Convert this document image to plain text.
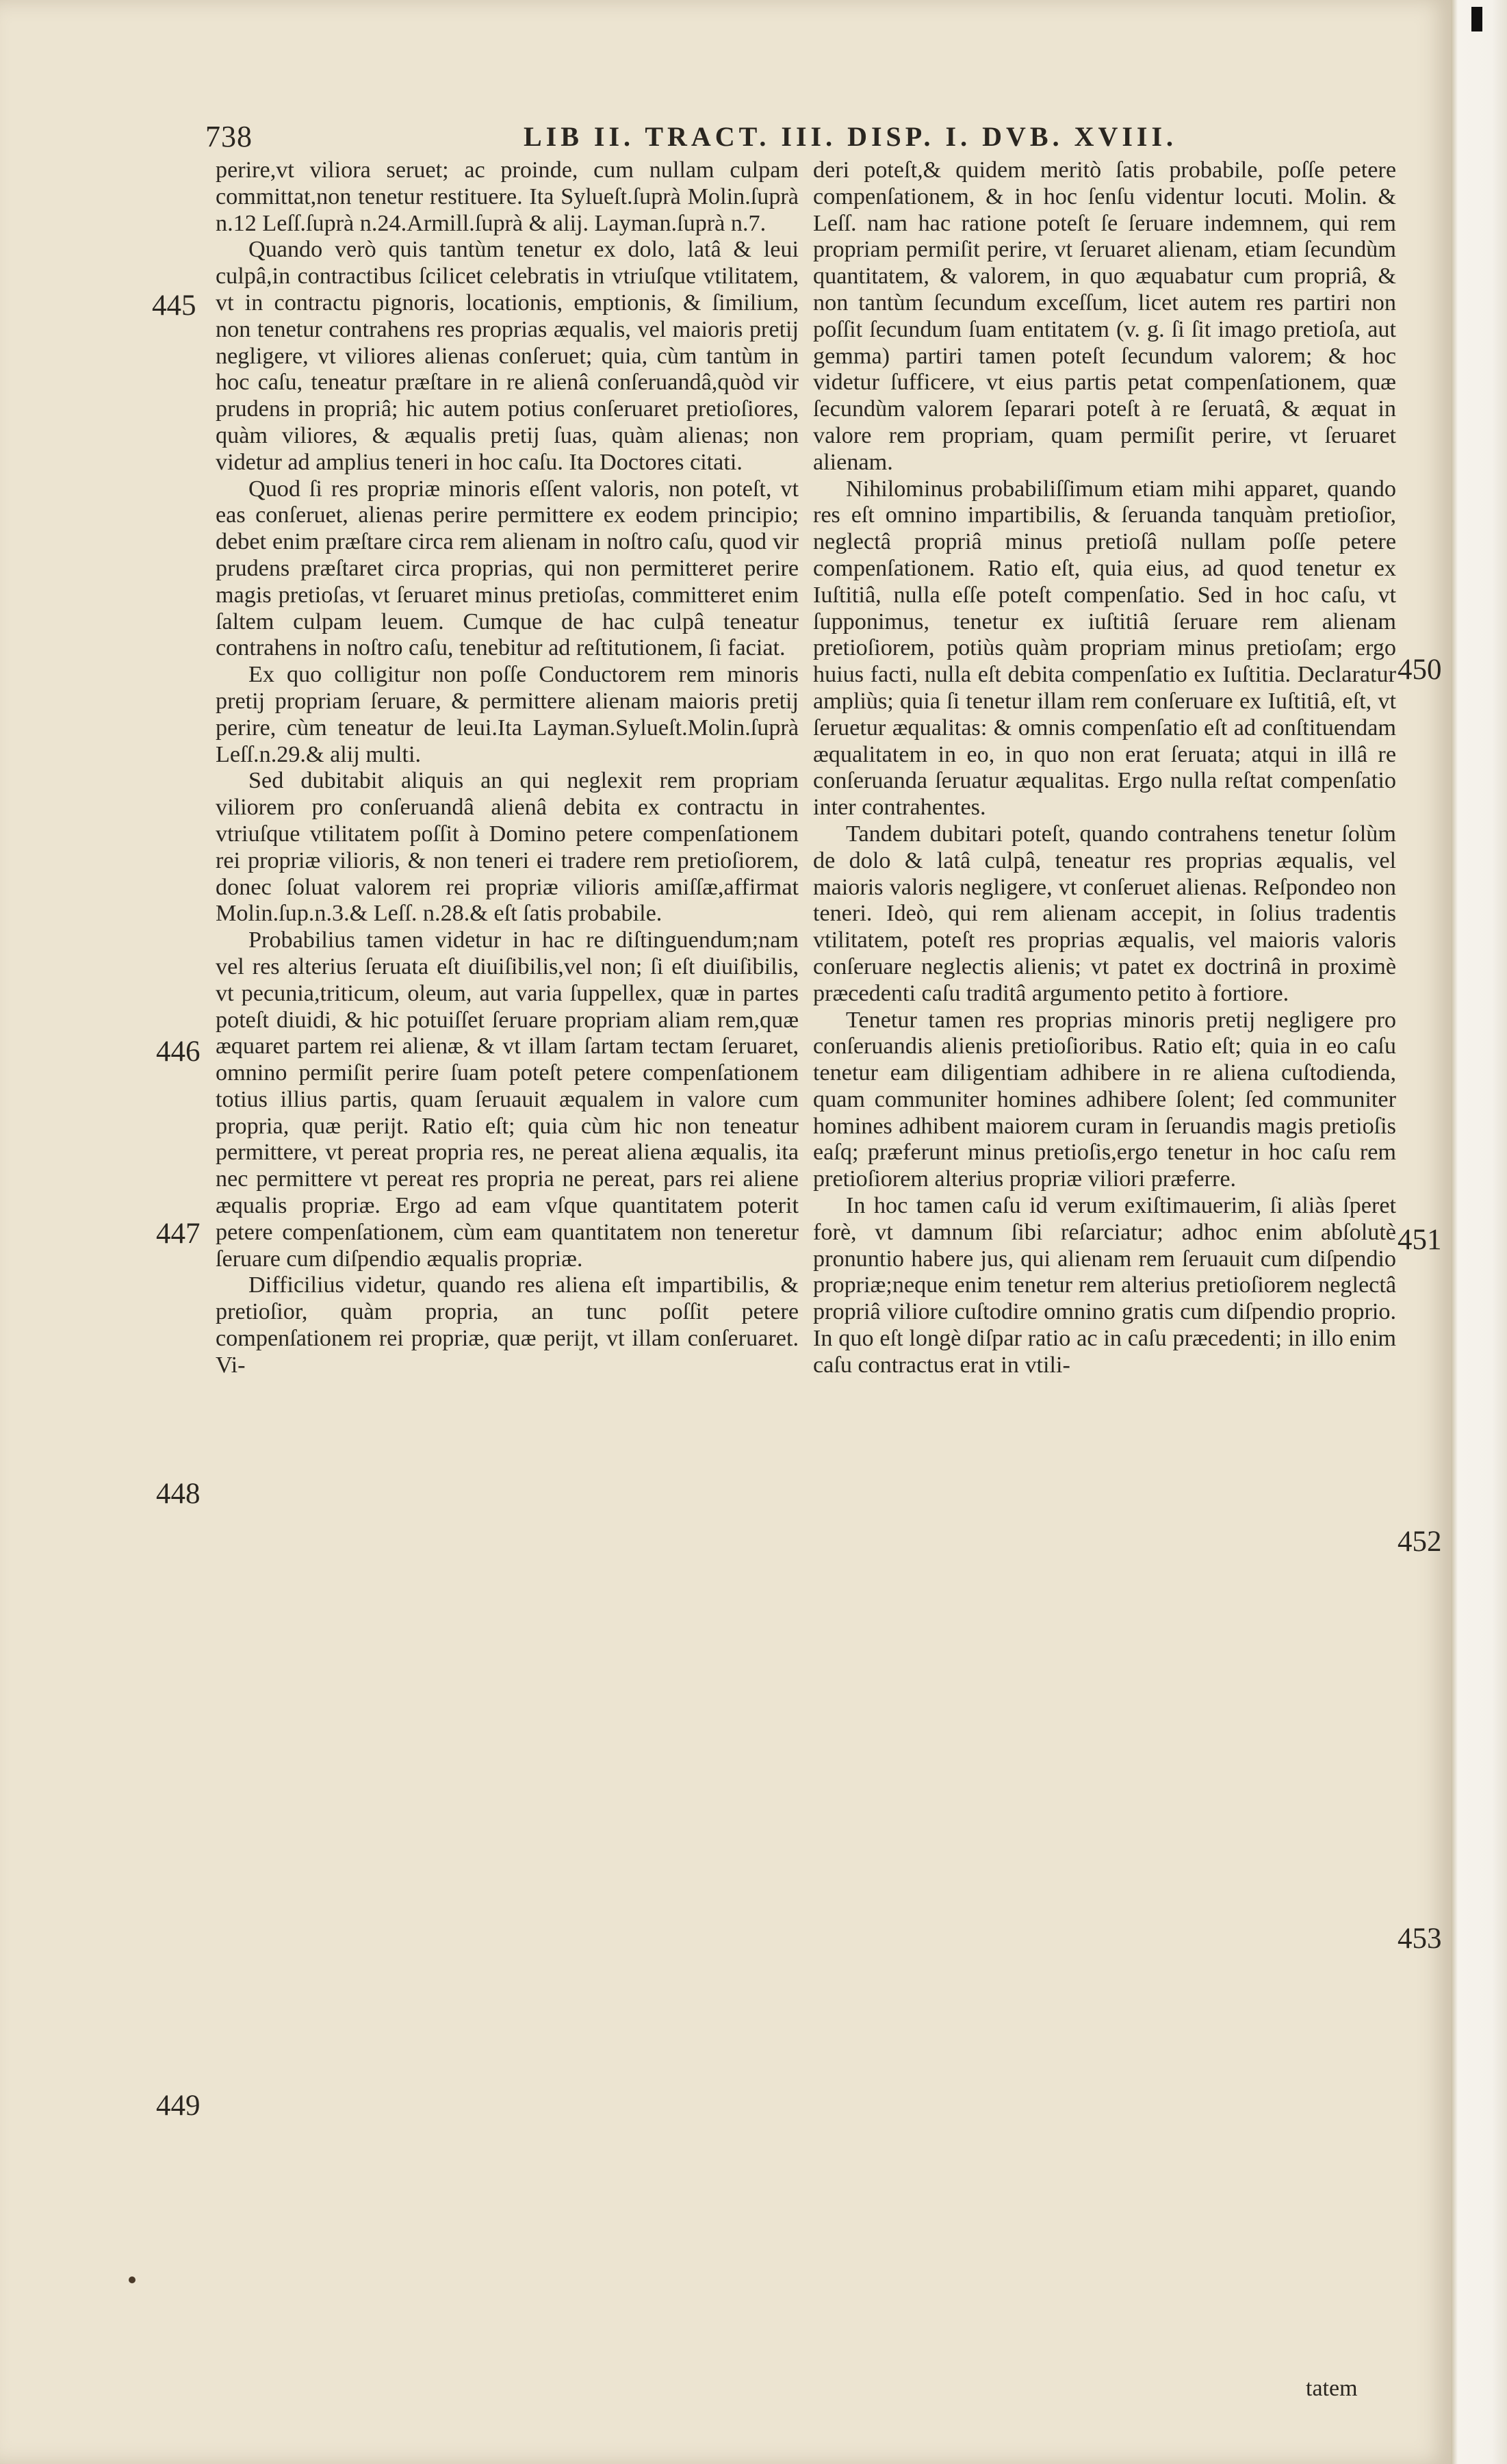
738	LIB II. TRACT. III. DISP. I. DVB. XVIII.
445
446
447
448
449
450
451
452
453

perire,vt viliora seruet; ac proinde, cum nullam culpam committat,non tenetur restituere. Ita Sylueſt.ſuprà Molin.ſuprà n.12 Leſſ.ſuprà n.24.Armill.ſuprà & alij. Layman.ſuprà n.7.

Quando verò quis tantùm tenetur ex dolo, latâ & leui culpâ,in contractibus ſcilicet celebratis in vtriuſque vtilitatem, vt in contractu pignoris, locationis, emptionis, & ſimilium, non tenetur contrahens res proprias æqualis, vel maioris pretij negligere, vt viliores alienas conſeruet; quia, cùm tantùm in hoc caſu, teneatur præſtare in re alienâ conſeruandâ,quòd vir prudens in propriâ; hic autem potius conſeruaret pretioſiores, quàm viliores, & æqualis pretij ſuas, quàm alienas; non videtur ad amplius teneri in hoc caſu. Ita Doctores citati.

Quod ſi res propriæ minoris eſſent valoris, non poteſt, vt eas conſeruet, alienas perire permittere ex eodem principio; debet enim præſtare circa rem alienam in noſtro caſu, quod vir prudens præſtaret circa proprias, qui non permitteret perire magis pretioſas, vt ſeruaret minus pretioſas, committeret enim ſaltem culpam leuem. Cumque de hac culpâ teneatur contrahens in noſtro caſu, tenebitur ad reſtitutionem, ſi faciat.

Ex quo colligitur non poſſe Conductorem rem minoris pretij propriam ſeruare, & permittere alienam maioris pretij perire, cùm teneatur de leui.Ita Layman.Sylueſt.Molin.ſuprà Leſſ.n.29.& alij multi.

Sed dubitabit aliquis an qui neglexit rem propriam viliorem pro conſeruandâ alienâ debita ex contractu in vtriuſque vtilitatem poſſit à Domino petere compenſationem rei propriæ vilioris, & non teneri ei tradere rem pretioſiorem, donec ſoluat valorem rei propriæ vilioris amiſſæ,affirmat Molin.ſup.n.3.& Leſſ. n.28.& eſt ſatis probabile.

Probabilius tamen videtur in hac re diſtinguendum;nam vel res alterius ſeruata eſt diuiſibilis,vel non; ſi eſt diuiſibilis, vt pecunia,triticum, oleum, aut varia ſuppellex, quæ in partes poteſt diuidi, & hic potuiſſet ſeruare propriam aliam rem,quæ æquaret partem rei alienæ, & vt illam ſartam tectam ſeruaret, omnino permiſit perire ſuam poteſt petere compenſationem totius illius partis, quam ſeruauit æqualem in valore cum propria, quæ perijt. Ratio eſt; quia cùm hic non teneatur permittere, vt pereat propria res, ne pereat aliena æqualis, ita nec permittere vt pereat res propria ne pereat, pars rei aliene æqualis propriæ. Ergo ad eam vſque quantitatem poterit petere compenſationem, cùm eam quantitatem non teneretur ſeruare cum diſpendio æqualis propriæ.

Difficilius videtur, quando res aliena eſt impartibilis, & pretioſior, quàm propria, an tunc poſſit petere compenſationem rei propriæ, quæ perijt, vt illam conſeruaret. Vi-

deri poteſt,& quidem meritò ſatis probabile, poſſe petere compenſationem, & in hoc ſenſu videntur locuti. Molin. & Leſſ. nam hac ratione poteſt ſe ſeruare indemnem, qui rem propriam permiſit perire, vt ſeruaret alienam, etiam ſecundùm quantitatem, & valorem, in quo æquabatur cum propriâ, & non tantùm ſecundum exceſſum, licet autem res partiri non poſſit ſecundum ſuam entitatem (v. g. ſi ſit imago pretioſa, aut gemma) partiri tamen poteſt ſecundum valorem; & hoc videtur ſufficere, vt eius partis petat compenſationem, quæ ſecundùm valorem ſeparari poteſt à re ſeruatâ, & æquat in valore rem propriam, quam permiſit perire, vt ſeruaret alienam.

Nihilominus probabiliſſimum etiam mihi apparet, quando res eſt omnino impartibilis, & ſeruanda tanquàm pretioſior, neglectâ propriâ minus pretioſâ nullam poſſe petere compenſationem. Ratio eſt, quia eius, ad quod tenetur ex Iuſtitiâ, nulla eſſe poteſt compenſatio. Sed in hoc caſu, vt ſupponimus, tenetur ex iuſtitiâ ſeruare rem alienam pretioſiorem, potiùs quàm propriam minus pretioſam; ergo huius facti, nulla eſt debita compenſatio ex Iuſtitia. Declaratur ampliùs; quia ſi tenetur illam rem conſeruare ex Iuſtitiâ, eſt, vt ſeruetur æqualitas: & omnis compenſatio eſt ad conſtituendam æqualitatem in eo, in quo non erat ſeruata; atqui in illâ re conſeruanda ſeruatur æqualitas. Ergo nulla reſtat compenſatio inter contrahentes.

Tandem dubitari poteſt, quando contrahens tenetur ſolùm de dolo & latâ culpâ, teneatur res proprias æqualis, vel maioris valoris negligere, vt conſeruet alienas. Reſpondeo non teneri. Ideò, qui rem alienam accepit, in ſolius tradentis vtilitatem, poteſt res proprias æqualis, vel maioris valoris conſeruare neglectis alienis; vt patet ex doctrinâ in proximè præcedenti caſu traditâ argumento petito à fortiore.

Tenetur tamen res proprias minoris pretij negligere pro conſeruandis alienis pretioſioribus. Ratio eſt; quia in eo caſu tenetur eam diligentiam adhibere in re aliena cuſtodienda, quam communiter homines adhibere ſolent; ſed communiter homines adhibent maiorem curam in ſeruandis magis pretioſis eaſq; præferunt minus pretioſis,ergo tenetur in hoc caſu rem pretioſiorem alterius propriæ viliori præferre.

In hoc tamen caſu id verum exiſtimauerim, ſi aliàs ſperet forè, vt damnum ſibi reſarciatur; adhoc enim abſolutè pronuntio habere jus, qui alienam rem ſeruauit cum diſpendio propriæ;neque enim tenetur rem alterius pretioſiorem neglectâ propriâ viliore cuſtodire omnino gratis cum diſpendio proprio. In quo eſt longè diſpar ratio ac in caſu præcedenti; in illo enim caſu contractus erat in vtili-

tatem
